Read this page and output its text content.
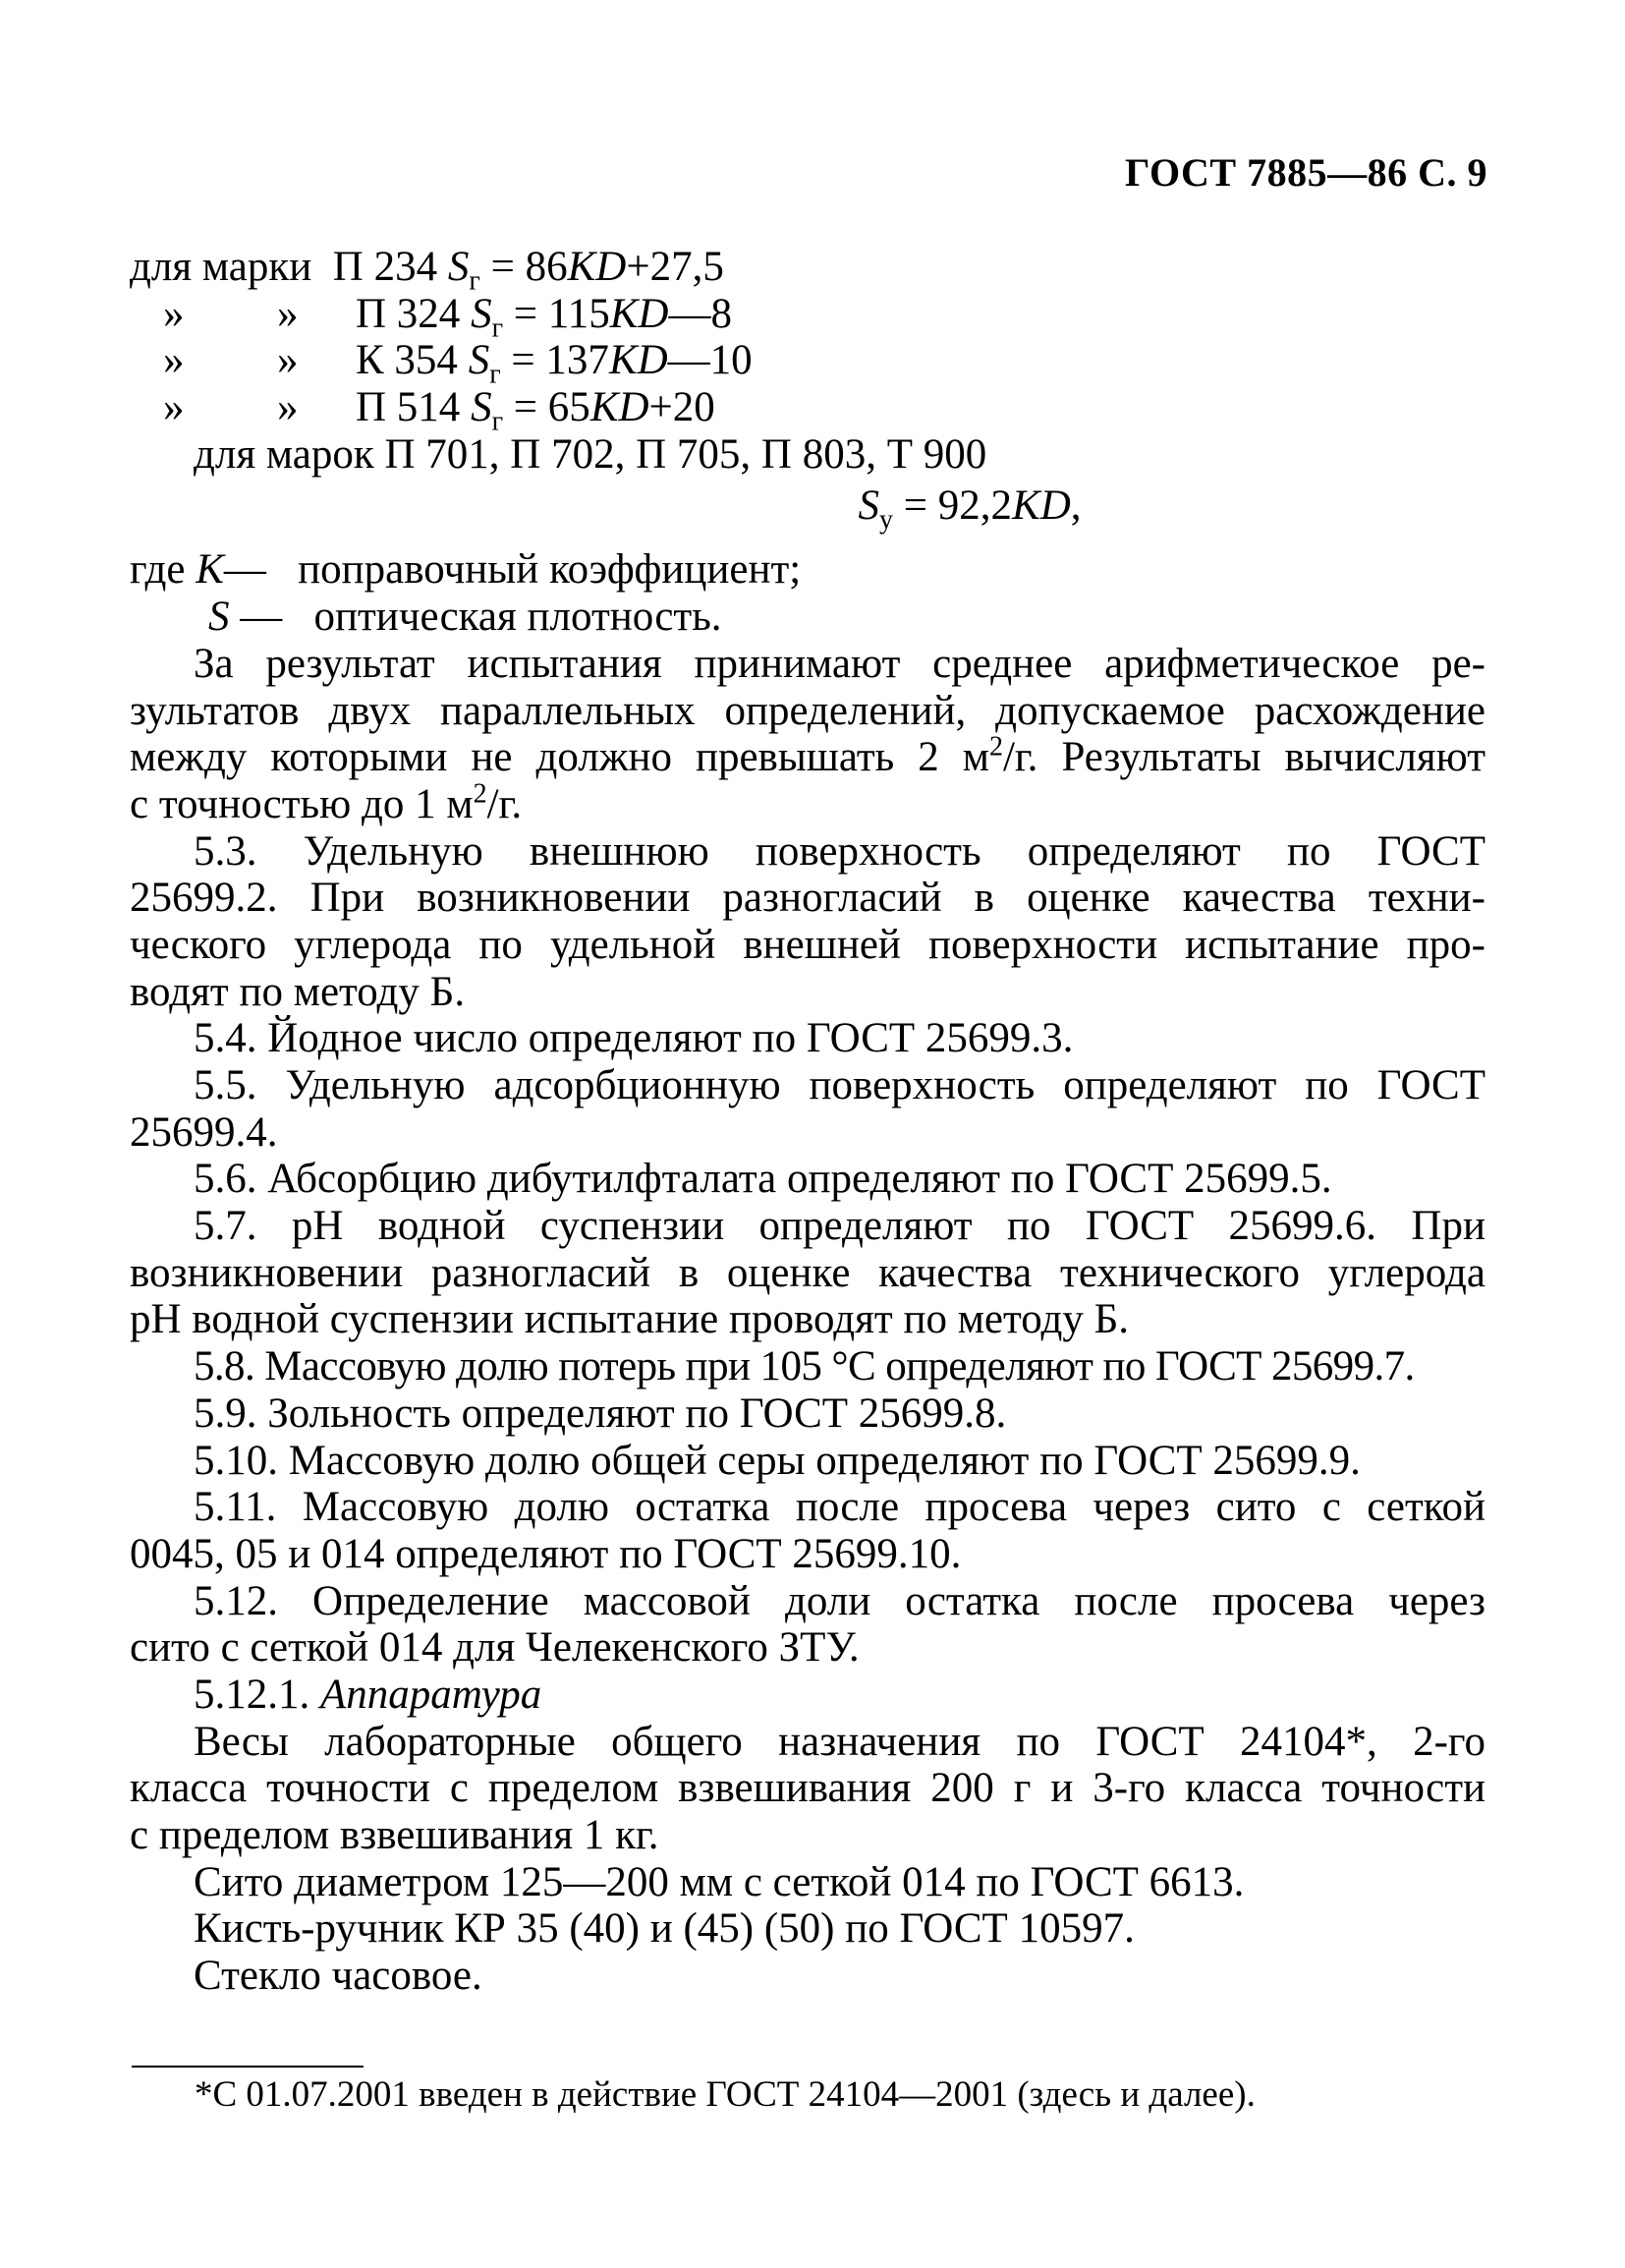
ГОСТ 7885—86 С. 9
для марки П 234 $S_г = 86KD+27,5$
» » П 324 $S_г$ = 115KD—8
» » К 354 $S_г$ = 137KD—10
» » П 514 $S_г = 65KD+20$
для марок П 701, П 702, П 705, П 803, Т 900
$S_у = 92,2KD$,
где K— поправочный коэффициент;
S — оптическая плотность.
За результат испытания принимают среднее арифметическое ре-
зультатов двух параллельных определений, допускаемое расхождение
между которыми не должно превышать 2 $м^2/г$. Результаты вычисляют
с точностью до 1 $м^2/г$.
5.3. Удельную внешнюю поверхность определяют по ГОСТ
25699.2. При возникновении разногласий в оценке качества техни-
ческого углерода по удельной внешней поверхности испытание про-
водят по методу Б.
5.4. Йодное число определяют по ГОСТ 25699.3.
5.5. Удельную адсорбционную поверхность определяют по ГОСТ
25699.4.
5.6. Абсорбцию дибутилфталата определяют по ГОСТ 25699.5.
5.7. pH водной суспензии определяют по ГОСТ 25699.6. При
возникновении разногласий в оценке качества технического углерода
pH водной суспензии испытание проводят по методу Б.
5.8. Массовую долю потерь при 105 °С определяют по ГОСТ 25699.7.
5.9. Зольность определяют по ГОСТ 25699.8.
5.10. Массовую долю общей серы определяют по ГОСТ 25699.9.
5.11. Массовую долю остатка после просева через сито с сеткой
0045, 05 и 014 определяют по ГОСТ 25699.10.
5.12. Определение массовой доли остатка после просева через
сито с сеткой 014 для Челекенского ЗТУ.
5.12.1. Аппаратура
Весы лабораторные общего назначения по ГОСТ 24104*, 2-го
класса точности с пределом взвешивания 200 г и 3-го класса точности
с пределом взвешивания 1 кг.
Сито диаметром 125—200 мм с сеткой 014 по ГОСТ 6613.
Кисть-ручник КР 35 (40) и (45) (50) по ГОСТ 10597.
Стекло часовое.
*С 01.07.2001 введен в действие ГОСТ 24104—2001 (здесь и далее).
